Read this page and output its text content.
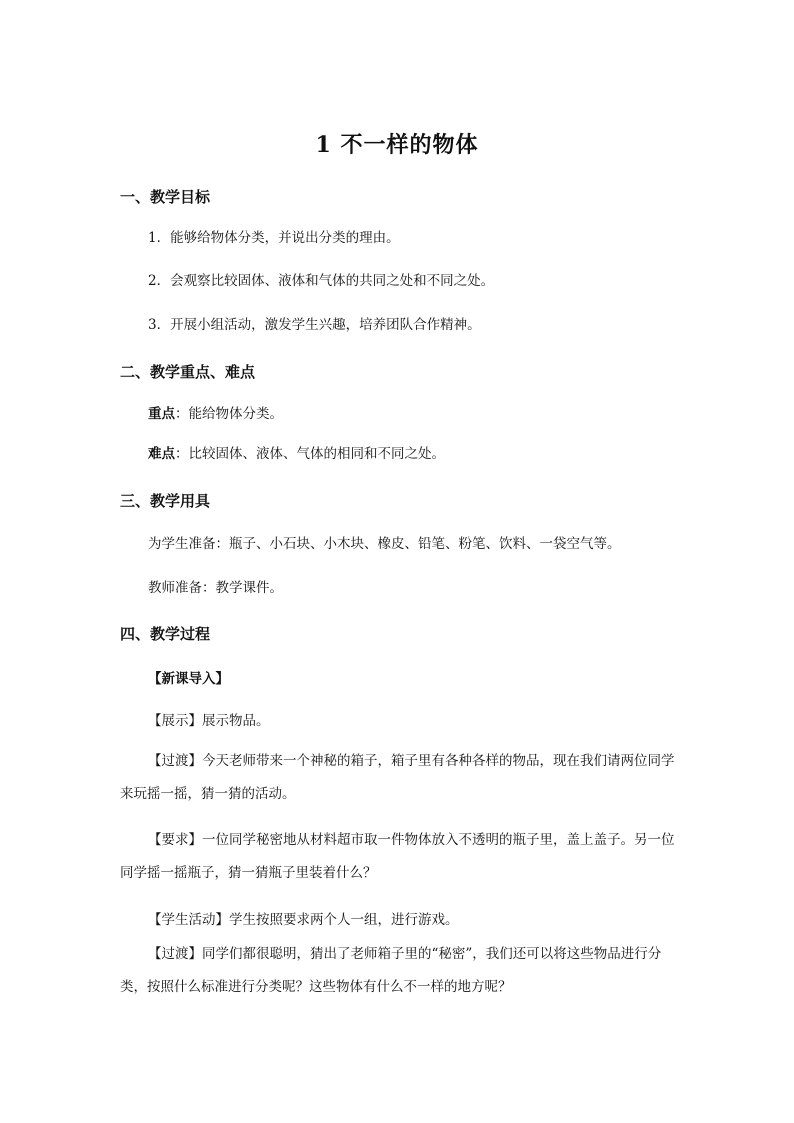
1 不一样的物体
一、教学目标
1．能够给物体分类，并说出分类的理由。
2．会观察比较固体、液体和气体的共同之处和不同之处。
3．开展小组活动，激发学生兴趣，培养团队合作精神。
二、教学重点、难点
重点：能给物体分类。
难点：比较固体、液体、气体的相同和不同之处。
三、教学用具
为学生准备：瓶子、小石块、小木块、橡皮、铅笔、粉笔、饮料、一袋空气等。
教师准备：教学课件。
四、教学过程
【新课导入】
【展示】展示物品。
【过渡】今天老师带来一个神秘的箱子，箱子里有各种各样的物品，现在我们请两位同学来玩摇一摇，猜一猜的活动。
【要求】一位同学秘密地从材料超市取一件物体放入不透明的瓶子里，盖上盖子。另一位同学摇一摇瓶子，猜一猜瓶子里装着什么？
【学生活动】学生按照要求两个人一组，进行游戏。
【过渡】同学们都很聪明，猜出了老师箱子里的“秘密”，我们还可以将这些物品进行分类，按照什么标准进行分类呢？这些物体有什么不一样的地方呢？
